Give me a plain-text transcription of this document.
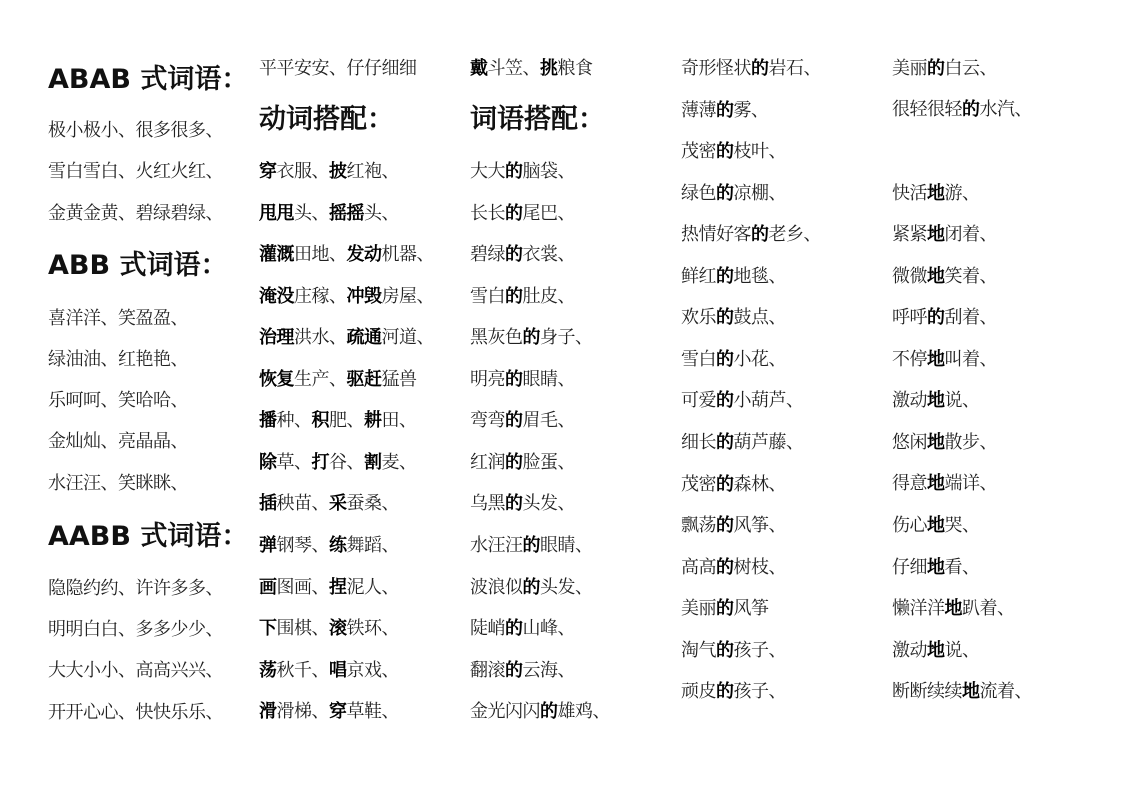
ABAB 式词语：
极小极小、很多很多、
雪白雪白、火红火红、
金黄金黄、碧绿碧绿、
ABB 式词语：
喜洋洋、笑盈盈、
绿油油、红艳艳、
乐呵呵、笑哈哈、
金灿灿、亮晶晶、
水汪汪、笑眯眯、
AABB 式词语：
隐隐约约、许许多多、
明明白白、多多少少、
大大小小、高高兴兴、
开开心心、快快乐乐、
平平安安、仔仔细细
动词搭配：
穿衣服、披红袍、
甩甩头、摇摇头、
灌溉田地、发动机器、
淹没庄稼、冲毁房屋、
治理洪水、疏通河道、
恢复生产、驱赶猛兽
播种、积肥、耕田、
除草、打谷、割麦、
插秧苗、采蚕桑、
弹钢琴、练舞蹈、
画图画、捏泥人、
下围棋、滚铁环、
荡秋千、唱京戏、
滑滑梯、穿草鞋、
戴斗笠、挑粮食
词语搭配：
大大的脑袋、
长长的尾巴、
碧绿的衣裳、
雪白的肚皮、
黑灰色的身子、
明亮的眼睛、
弯弯的眉毛、
红润的脸蛋、
乌黑的头发、
水汪汪的眼睛、
波浪似的头发、
陡峭的山峰、
翻滚的云海、
金光闪闪的雄鸡、
奇形怪状的岩石、
薄薄的雾、
茂密的枝叶、
绿色的凉棚、
热情好客的老乡、
鲜红的地毯、
欢乐的鼓点、
雪白的小花、
可爱的小葫芦、
细长的葫芦藤、
茂密的森林、
飘荡的风筝、
高高的树枝、
美丽的风筝
淘气的孩子、
顽皮的孩子、
美丽的白云、
很轻很轻的水汽、
快活地游、
紧紧地闭着、
微微地笑着、
呼呼的刮着、
不停地叫着、
激动地说、
悠闲地散步、
得意地端详、
伤心地哭、
仔细地看、
懒洋洋地趴着、
激动地说、
断断续续地流着、
